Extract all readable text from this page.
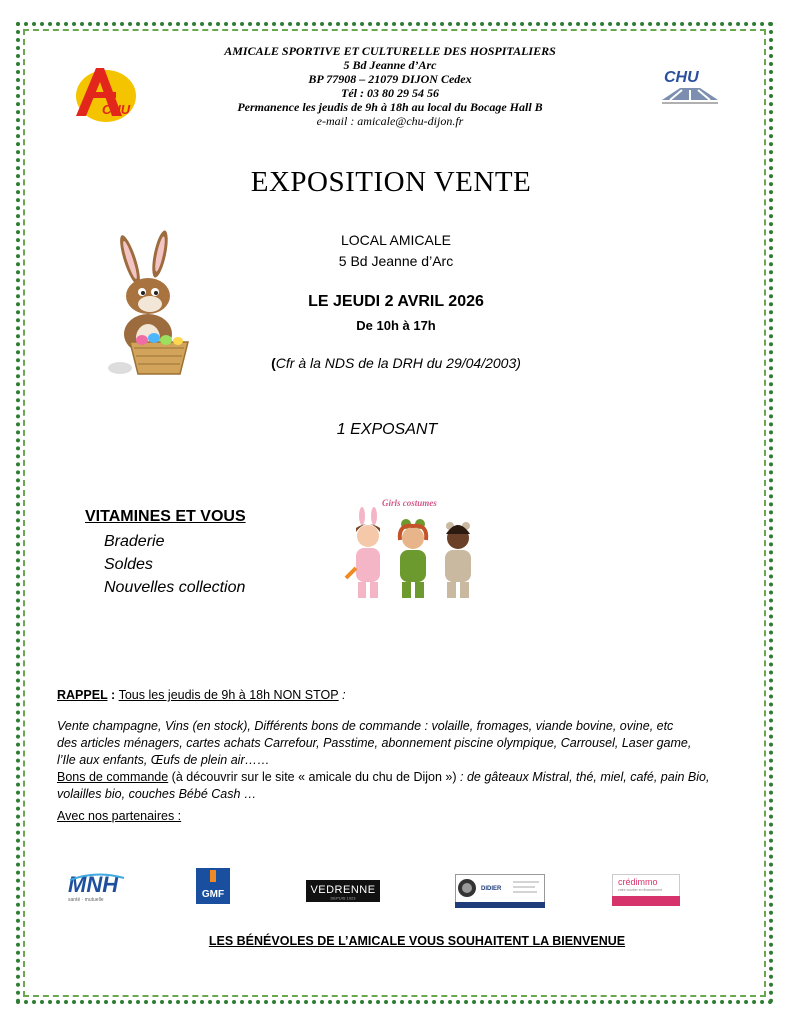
CHU
AMICALE SPORTIVE ET CULTURELLE DES HOSPITALIERS
5 Bd Jeanne d’Arc
BP 77908 – 21079 DIJON Cedex
Tél : 03 80 29 54 56
Permanence les jeudis de 9h à 18h au local du Bocage Hall B
e-mail : amicale@chu-dijon.fr
CHU
EXPOSITION VENTE
LOCAL AMICALE
5 Bd Jeanne d’Arc
LE JEUDI 2 AVRIL 2026
De 10h à 17h
(Cfr à la NDS de la DRH du 29/04/2003)
1 EXPOSANT
VITAMINES ET VOUS
Braderie
Soldes
Nouvelles collection
Girls costumes
RAPPEL : Tous les jeudis de 9h à 18h NON STOP :
Vente champagne, Vins (en stock), Différents bons de commande : volaille, fromages, viande bovine, ovine, etc
des articles ménagers, cartes achats Carrefour, Passtime, abonnement piscine olympique, Carrousel, Laser game,
l’Ile aux enfants, Œufs de plein air……
Bons de commande (à découvrir sur le site « amicale du chu de Dijon ») : de gâteaux Mistral, thé, miel, café, pain Bio,
volailles bio, couches Bébé Cash …
Avec nos partenaires :
MNH
santé · mutuelle	GMF	VEDRENNE
DEPUIS 1923
DIDIER
crédimmo
votre courtier en financement
LES BÉNÉVOLES DE L’AMICALE VOUS SOUHAITENT LA BIENVENUE
